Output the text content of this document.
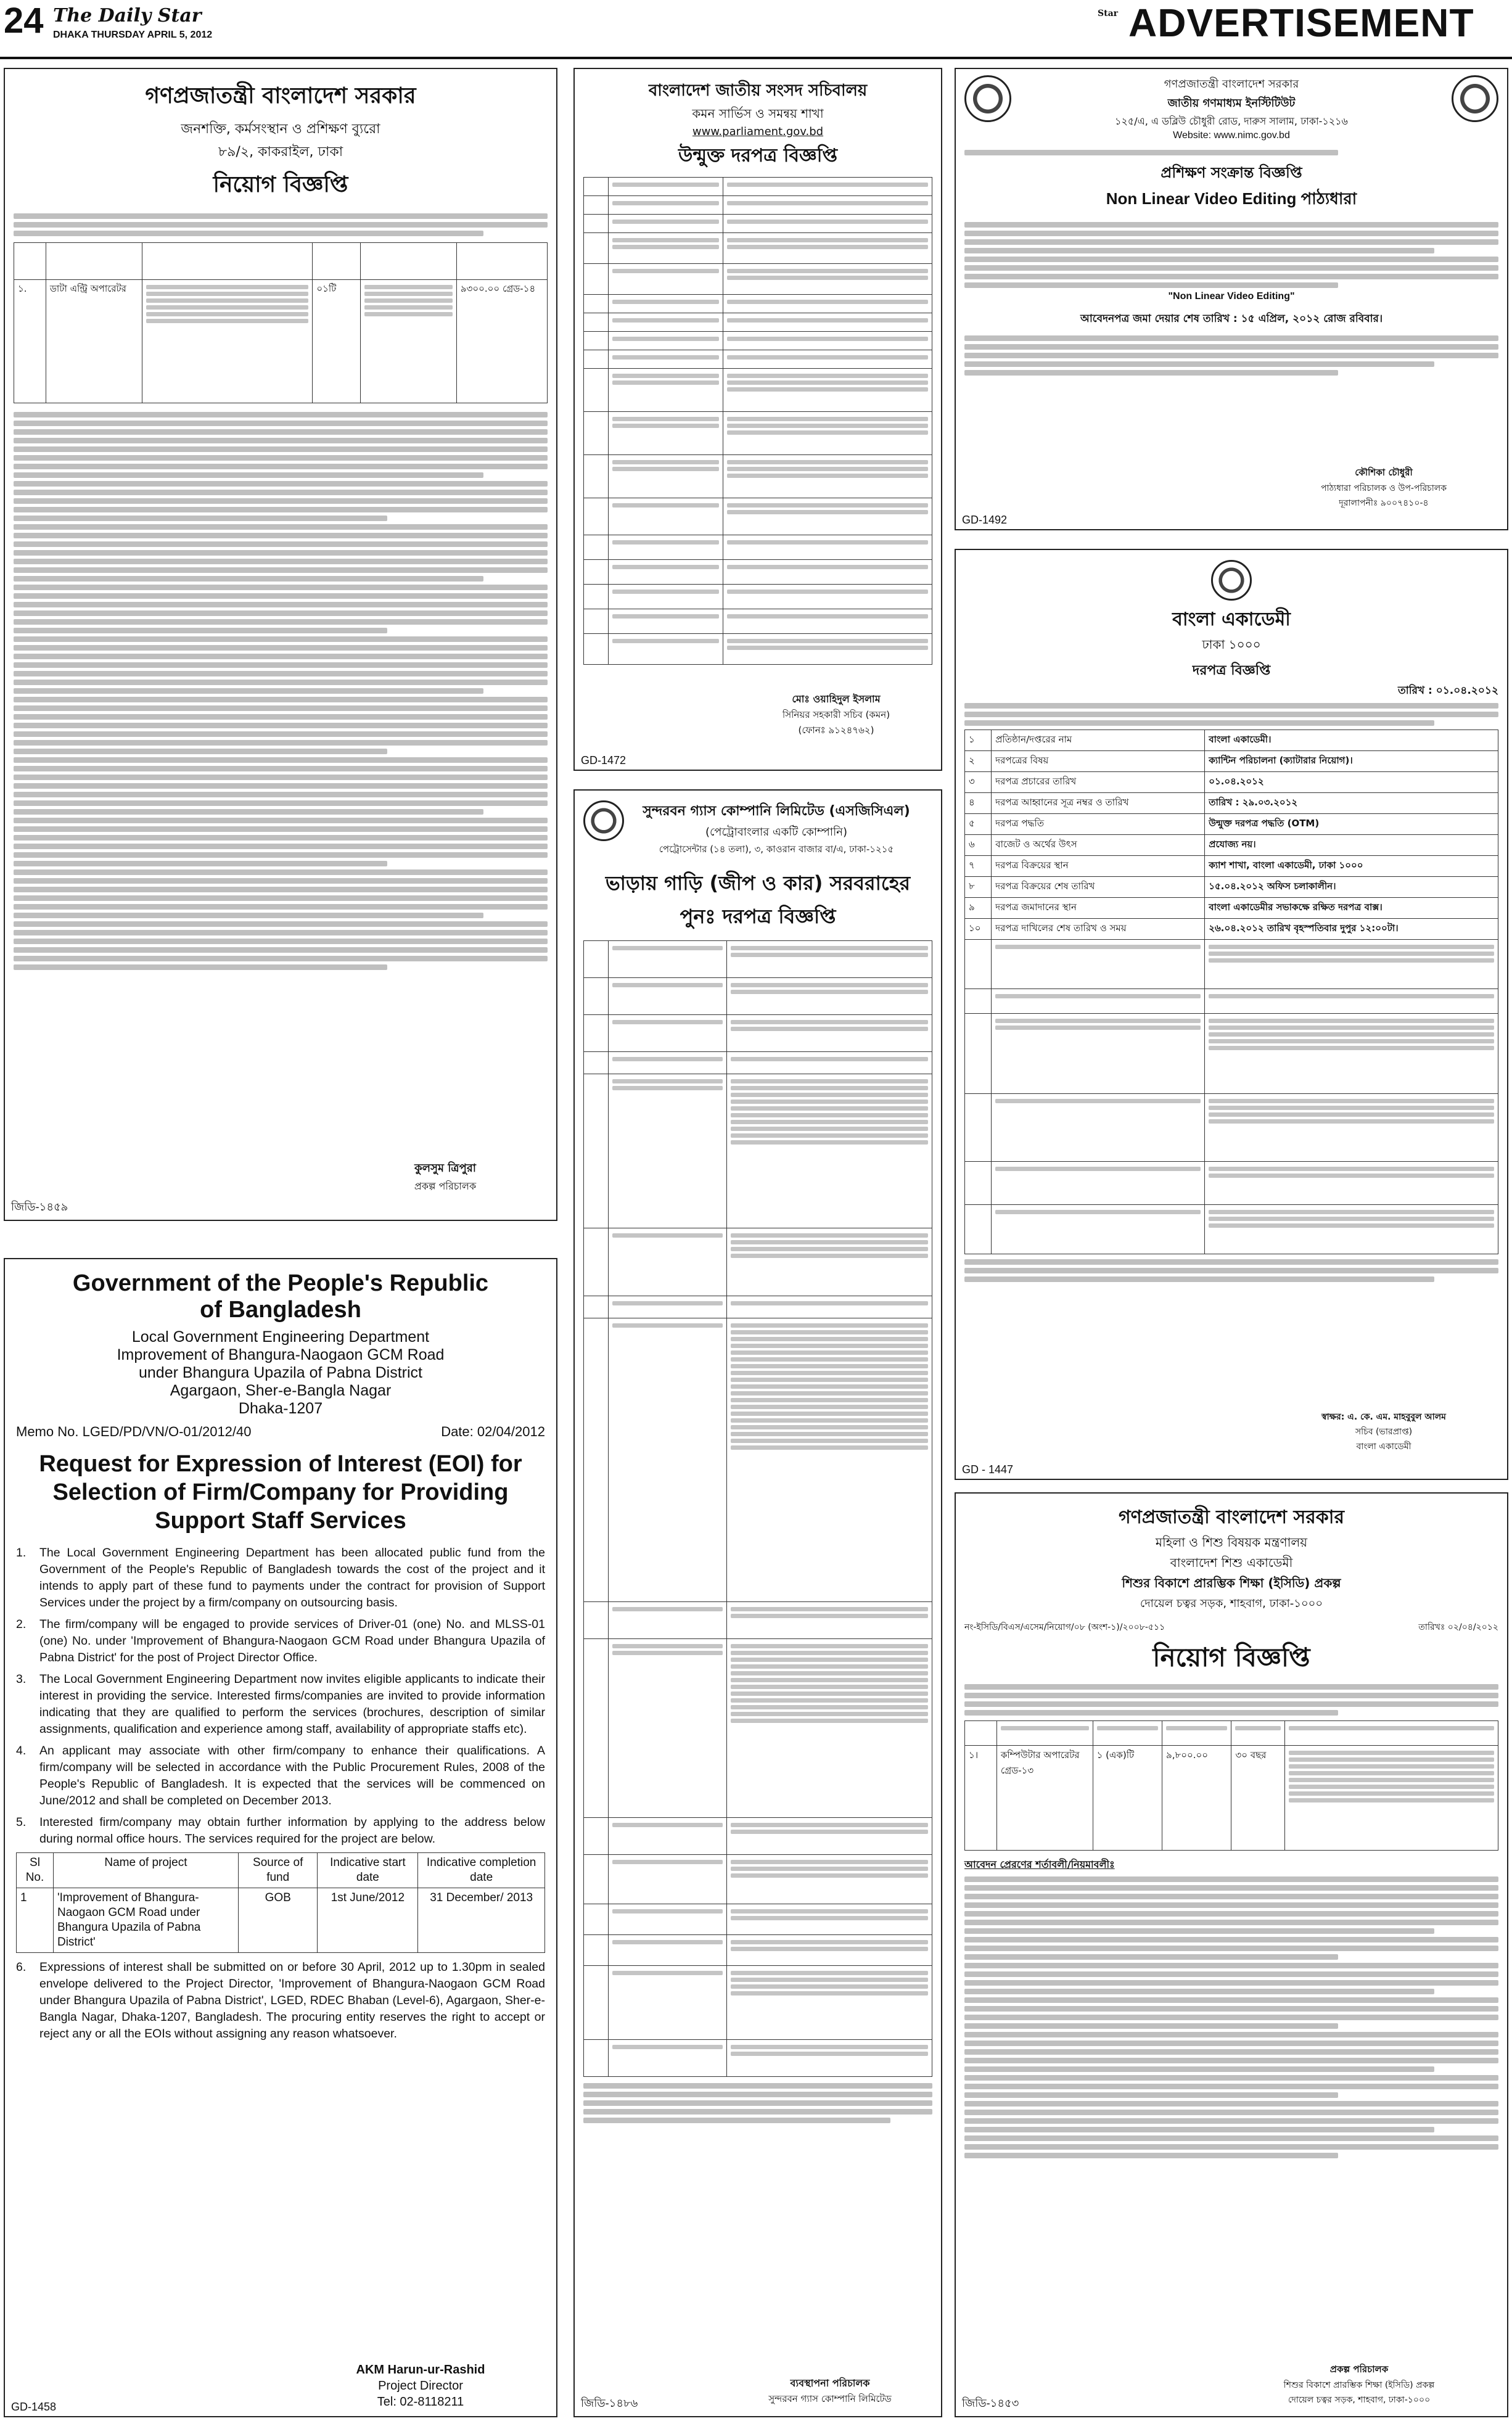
24 The Daily Star
DHAKA THURSDAY APRIL 5, 2012
Star ADVERTISEMENT
গণপ্রজাতন্ত্রী বাংলাদেশ সরকার
জনশক্তি, কর্মসংস্থান ও প্রশিক্ষণ ব্যুরো
৮৯/২, কাকরাইল, ঢাকা
নিয়োগ বিজ্ঞপ্তি

১.	ডাটা এন্ট্রি অপারেটর		০১টি		৯৩০০.০০ গ্রেড-১৪
কুলসুম ত্রিপুরা
প্রকল্প পরিচালক
জিডি-১৪৫৯
Government of the People's Republic
of Bangladesh
Local Government Engineering Department
Improvement of Bhangura-Naogaon GCM Road
under Bhangura Upazila of Pabna District
Agargaon, Sher-e-Bangla Nagar
Dhaka-1207
Memo No. LGED/PD/VN/O-01/2012/40	Date: 02/04/2012
Request for Expression of Interest (EOI) for
Selection of Firm/Company for Providing
Support Staff Services
1.	The Local Government Engineering Department has been allocated public fund from the Government of the People's Republic of Bangladesh towards the cost of the project and it intends to apply part of these fund to payments under the contract for provision of Support Services under the project by a firm/company on outsourcing basis.
2.	The firm/company will be engaged to provide services of Driver-01 (one) No. and MLSS-01 (one) No. under 'Improvement of Bhangura-Naogaon GCM Road under Bhangura Upazila of Pabna District' for the post of Project Director Office.
3.	The Local Government Engineering Department now invites eligible applicants to indicate their interest in providing the service. Interested firms/companies are invited to provide information indicating that they are qualified to perform the services (brochures, description of similar assignments, qualification and experience among staff, availability of appropriate staffs etc).
4.	An applicant may associate with other firm/company to enhance their qualifications. A firm/company will be selected in accordance with the Public Procurement Rules, 2008 of the People's Republic of Bangladesh. It is expected that the services will be commenced on June/2012 and shall be completed on December 2013.
5.	Interested firm/company may obtain further information by applying to the address below during normal office hours. The services required for the project are below.
Sl No.	Name of project	Source of fund	Indicative start date	Indicative completion date
1	'Improvement of Bhangura-Naogaon GCM Road under Bhangura Upazila of Pabna District'	GOB	1st June/2012	31 December/ 2013
6.	Expressions of interest shall be submitted on or before 30 April, 2012 up to 1.30pm in sealed envelope delivered to the Project Director, 'Improvement of Bhangura-Naogaon GCM Road under Bhangura Upazila of Pabna District', LGED, RDEC Bhaban (Level-6), Agargaon, Sher-e-Bangla Nagar, Dhaka-1207, Bangladesh. The procuring entity reserves the right to accept or reject any or all the EOIs without assigning any reason whatsoever.
AKM Harun-ur-Rashid
Project Director
Tel: 02-8118211
GD-1458
বাংলাদেশ জাতীয় সংসদ সচিবালয়
কমন সার্ভিস ও সমন্বয় শাখা
www.parliament.gov.bd
উন্মুক্ত দরপত্র বিজ্ঞপ্তি

মোঃ ওয়াহিদুল ইসলাম
সিনিয়র সহকারী সচিব (কমন)
(ফোনঃ ৯১২৪৭৬২)
GD-1472
সুন্দরবন গ্যাস কোম্পানি লিমিটেড (এসজিসিএল)
(পেট্রোবাংলার একটি কোম্পানি)
পেট্রোসেন্টার (১৪ তলা), ৩, কাওরান বাজার বা/এ, ঢাকা-১২১৫
ভাড়ায় গাড়ি (জীপ ও কার) সরবরাহের
পুনঃ দরপত্র বিজ্ঞপ্তি

ব্যবস্থাপনা পরিচালক
সুন্দরবন গ্যাস কোম্পানি লিমিটেড
জিডি-১৪৮৬
গণপ্রজাতন্ত্রী বাংলাদেশ সরকার
জাতীয় গণমাধ্যম ইনস্টিটিউট
১২৫/এ, এ ডব্লিউ চৌধুরী রোড, দারুস সালাম, ঢাকা-১২১৬
Website: www.nimc.gov.bd
প্রশিক্ষণ সংক্রান্ত বিজ্ঞপ্তি
Non Linear Video Editing পাঠ্যধারা
"Non Linear Video Editing"
আবেদনপত্র জমা দেয়ার শেষ তারিখ : ১৫ এপ্রিল, ২০১২ রোজ রবিবার।
কৌশিকা চৌধুরী
পাঠ্যধারা পরিচালক ও উপ-পরিচালক
দূরালাপনীঃ ৯০০৭৪১০-৪
GD-1492
বাংলা একাডেমী
ঢাকা ১০০০
দরপত্র বিজ্ঞপ্তি
তারিখ : ০১.০৪.২০১২
১	প্রতিষ্ঠান/দপ্তরের নাম	বাংলা একাডেমী।
২	দরপত্রের বিষয়	ক্যান্টিন পরিচালনা (ক্যাটারার নিয়োগ)।
৩	দরপত্র প্রচারের তারিখ	০১.০৪.২০১২
৪	দরপত্র আহ্বানের সূত্র নম্বর ও তারিখ	তারিখ : ২৯.০৩.২০১২
৫	দরপত্র পদ্ধতি	উন্মুক্ত দরপত্র পদ্ধতি (OTM)
৬	বাজেট ও অর্থের উৎস	প্রযোজ্য নয়।
৭	দরপত্র বিক্রয়ের স্থান	ক্যাশ শাখা, বাংলা একাডেমী, ঢাকা ১০০০
৮	দরপত্র বিক্রয়ের শেষ তারিখ	১৫.০৪.২০১২ অফিস চলাকালীন।
৯	দরপত্র জমাদানের স্থান	বাংলা একাডেমীর সভাকক্ষে রক্ষিত দরপত্র বাক্স।
১০	দরপত্র দাখিলের শেষ তারিখ ও সময়	২৬.০৪.২০১২ তারিখ বৃহস্পতিবার দুপুর ১২:০০টা।

স্বাক্ষর: এ. কে. এম. মাহবুবুল আলম
সচিব (ভারপ্রাপ্ত)
বাংলা একাডেমী
GD - 1447
গণপ্রজাতন্ত্রী বাংলাদেশ সরকার
মহিলা ও শিশু বিষয়ক মন্ত্রণালয়
বাংলাদেশ শিশু একাডেমী
শিশুর বিকাশে প্রারম্ভিক শিক্ষা (ইসিডি) প্রকল্প
দোয়েল চত্বর সড়ক, শাহবাগ, ঢাকা-১০০০
নং-ইসিডি/বিএস/এসেম/নিয়োগ/০৮ (অংশ-১)/২০০৮-৫১১	তারিখঃ ০২/০৪/২০১২
নিয়োগ বিজ্ঞপ্তি

১।	কম্পিউটার অপারেটর গ্রেড-১৩	১ (এক)টি	৯,৮০০.০০	৩০ বছর	
আবেদন প্রেরণের শর্তাবলী/নিয়মাবলীঃ
প্রকল্প পরিচালক
শিশুর বিকাশে প্রারম্ভিক শিক্ষা (ইসিডি) প্রকল্প
দোয়েল চত্বর সড়ক, শাহবাগ, ঢাকা-১০০০
জিডি-১৪৫৩
